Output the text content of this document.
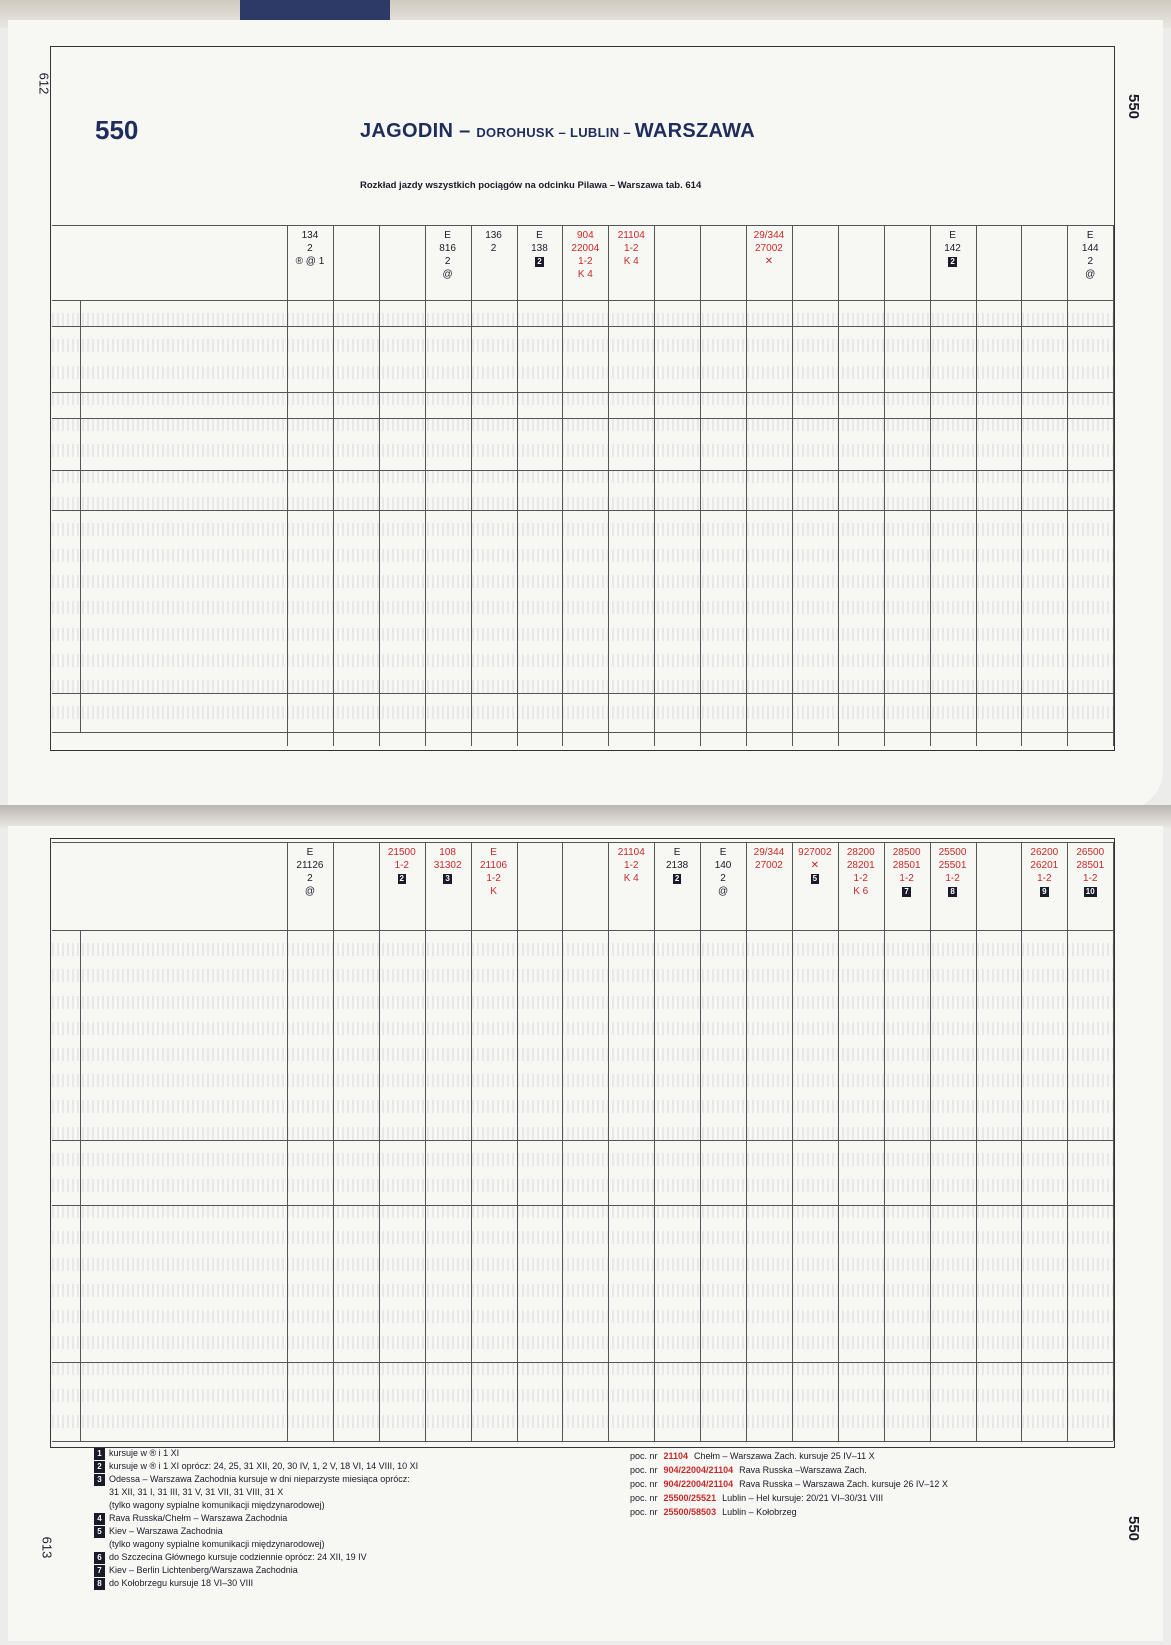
612
550
613
550
550	JAGODIN – DOROHUSK – LUBLIN – WARSZAWA
Rozkład jazdy wszystkich pociągów na odcinku Pilawa – Warszawa tab. 614
134
2
® @ 1
E
816
2
@
136
2
E
138
2
904
22004
1-2
K 4
21104
1-2
K 4
29/344
27002
✕
E
142
2
E
144
2
@
E
21126
2
@
21500
1-2
2
108
31302
3
E
21106
1-2
K
21104
1-2
K 4
E
2138
2
E
140
2
@
29/344
27002
927002
✕
5
28200
28201
1-2
K 6
28500
28501
1-2
7
25500
25501
1-2
8
26200
26201
1-2
9
26500
28501
1-2
10
1 kursuje w ® i 1 XI
2 kursuje w ® i 1 XI oprócz: 24, 25, 31 XII, 20, 30 IV, 1, 2 V, 18 VI, 14 VIII, 10 XI
3 Odessa – Warszawa Zachodnia kursuje w dni nieparzyste miesiąca oprócz:
31 XII, 31 I, 31 III, 31 V, 31 VII, 31 VIII, 31 X
(tylko wagony sypialne komunikacji międzynarodowej)
4 Rava Russka/Chełm – Warszawa Zachodnia
5 Kiev – Warszawa Zachodnia
(tylko wagony sypialne komunikacji międzynarodowej)
6 do Szczecina Głównego kursuje codziennie oprócz: 24 XII, 19 IV
7 Kiev – Berlin Lichtenberg/Warszawa Zachodnia
8 do Kołobrzegu kursuje 18 VI–30 VIII
poc. nr 21104 Chełm – Warszawa Zach. kursuje 25 IV–11 X
poc. nr 904/22004/21104 Rava Russka –Warszawa Zach.
poc. nr 904/22004/21104 Rava Russka – Warszawa Zach. kursuje 26 IV–12 X
poc. nr 25500/25521 Lublin – Hel kursuje: 20/21 VI–30/31 VIII
poc. nr 25500/58503 Lublin – Kołobrzeg
